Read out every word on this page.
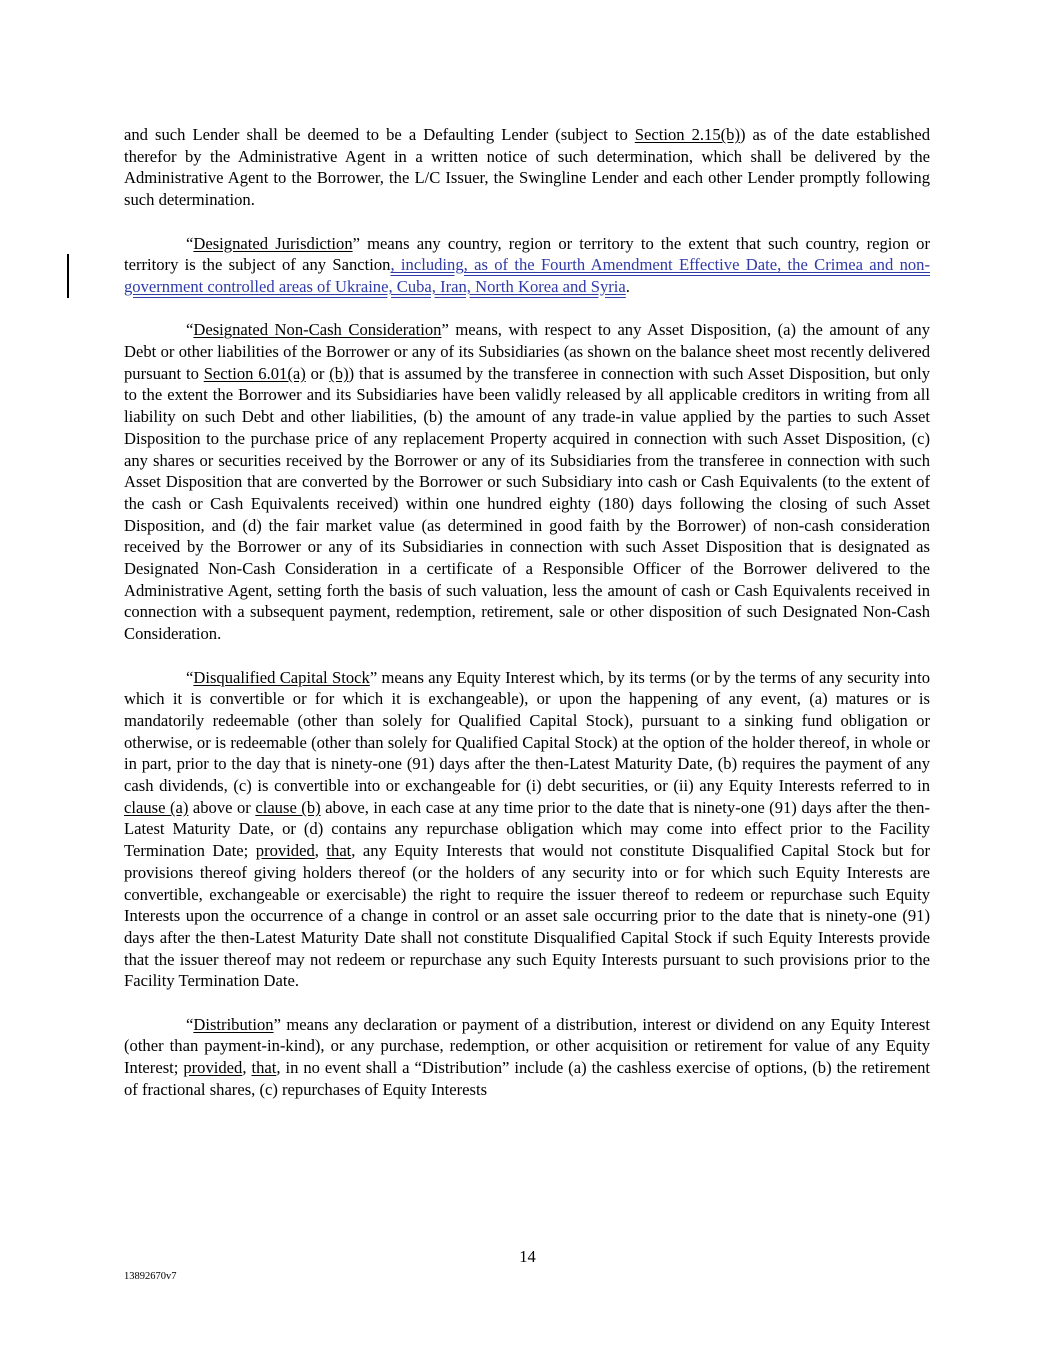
and such Lender shall be deemed to be a Defaulting Lender (subject to Section 2.15(b)) as of the date established therefor by the Administrative Agent in a written notice of such determination, which shall be delivered by the Administrative Agent to the Borrower, the L/C Issuer, the Swingline Lender and each other Lender promptly following such determination.

“Designated Jurisdiction” means any country, region or territory to the extent that such country, region or territory is the subject of any Sanction, including, as of the Fourth Amendment Effective Date, the Crimea and non-government controlled areas of Ukraine, Cuba, Iran, North Korea and Syria.

“Designated Non-Cash Consideration” means, with respect to any Asset Disposition, (a) the amount of any Debt or other liabilities of the Borrower or any of its Subsidiaries (as shown on the balance sheet most recently delivered pursuant to Section 6.01(a) or (b)) that is assumed by the transferee in connection with such Asset Disposition, but only to the extent the Borrower and its Subsidiaries have been validly released by all applicable creditors in writing from all liability on such Debt and other liabilities, (b) the amount of any trade-in value applied by the parties to such Asset Disposition to the purchase price of any replacement Property acquired in connection with such Asset Disposition, (c) any shares or securities received by the Borrower or any of its Subsidiaries from the transferee in connection with such Asset Disposition that are converted by the Borrower or such Subsidiary into cash or Cash Equivalents (to the extent of the cash or Cash Equivalents received) within one hundred eighty (180) days following the closing of such Asset Disposition, and (d) the fair market value (as determined in good faith by the Borrower) of non-cash consideration received by the Borrower or any of its Subsidiaries in connection with such Asset Disposition that is designated as Designated Non-Cash Consideration in a certificate of a Responsible Officer of the Borrower delivered to the Administrative Agent, setting forth the basis of such valuation, less the amount of cash or Cash Equivalents received in connection with a subsequent payment, redemption, retirement, sale or other disposition of such Designated Non-Cash Consideration.

“Disqualified Capital Stock” means any Equity Interest which, by its terms (or by the terms of any security into which it is convertible or for which it is exchangeable), or upon the happening of any event, (a) matures or is mandatorily redeemable (other than solely for Qualified Capital Stock), pursuant to a sinking fund obligation or otherwise, or is redeemable (other than solely for Qualified Capital Stock) at the option of the holder thereof, in whole or in part, prior to the day that is ninety-one (91) days after the then-Latest Maturity Date, (b) requires the payment of any cash dividends, (c) is convertible into or exchangeable for (i) debt securities, or (ii) any Equity Interests referred to in clause (a) above or clause (b) above, in each case at any time prior to the date that is ninety-one (91) days after the then-Latest Maturity Date, or (d) contains any repurchase obligation which may come into effect prior to the Facility Termination Date; provided, that, any Equity Interests that would not constitute Disqualified Capital Stock but for provisions thereof giving holders thereof (or the holders of any security into or for which such Equity Interests are convertible, exchangeable or exercisable) the right to require the issuer thereof to redeem or repurchase such Equity Interests upon the occurrence of a change in control or an asset sale occurring prior to the date that is ninety-one (91) days after the then-Latest Maturity Date shall not constitute Disqualified Capital Stock if such Equity Interests provide that the issuer thereof may not redeem or repurchase any such Equity Interests pursuant to such provisions prior to the Facility Termination Date.

“Distribution” means any declaration or payment of a distribution, interest or dividend on any Equity Interest (other than payment-in-kind), or any purchase, redemption, or other acquisition or retirement for value of any Equity Interest; provided, that, in no event shall a “Distribution” include (a) the cashless exercise of options, (b) the retirement of fractional shares, (c) repurchases of Equity Interests

14
13892670v7
